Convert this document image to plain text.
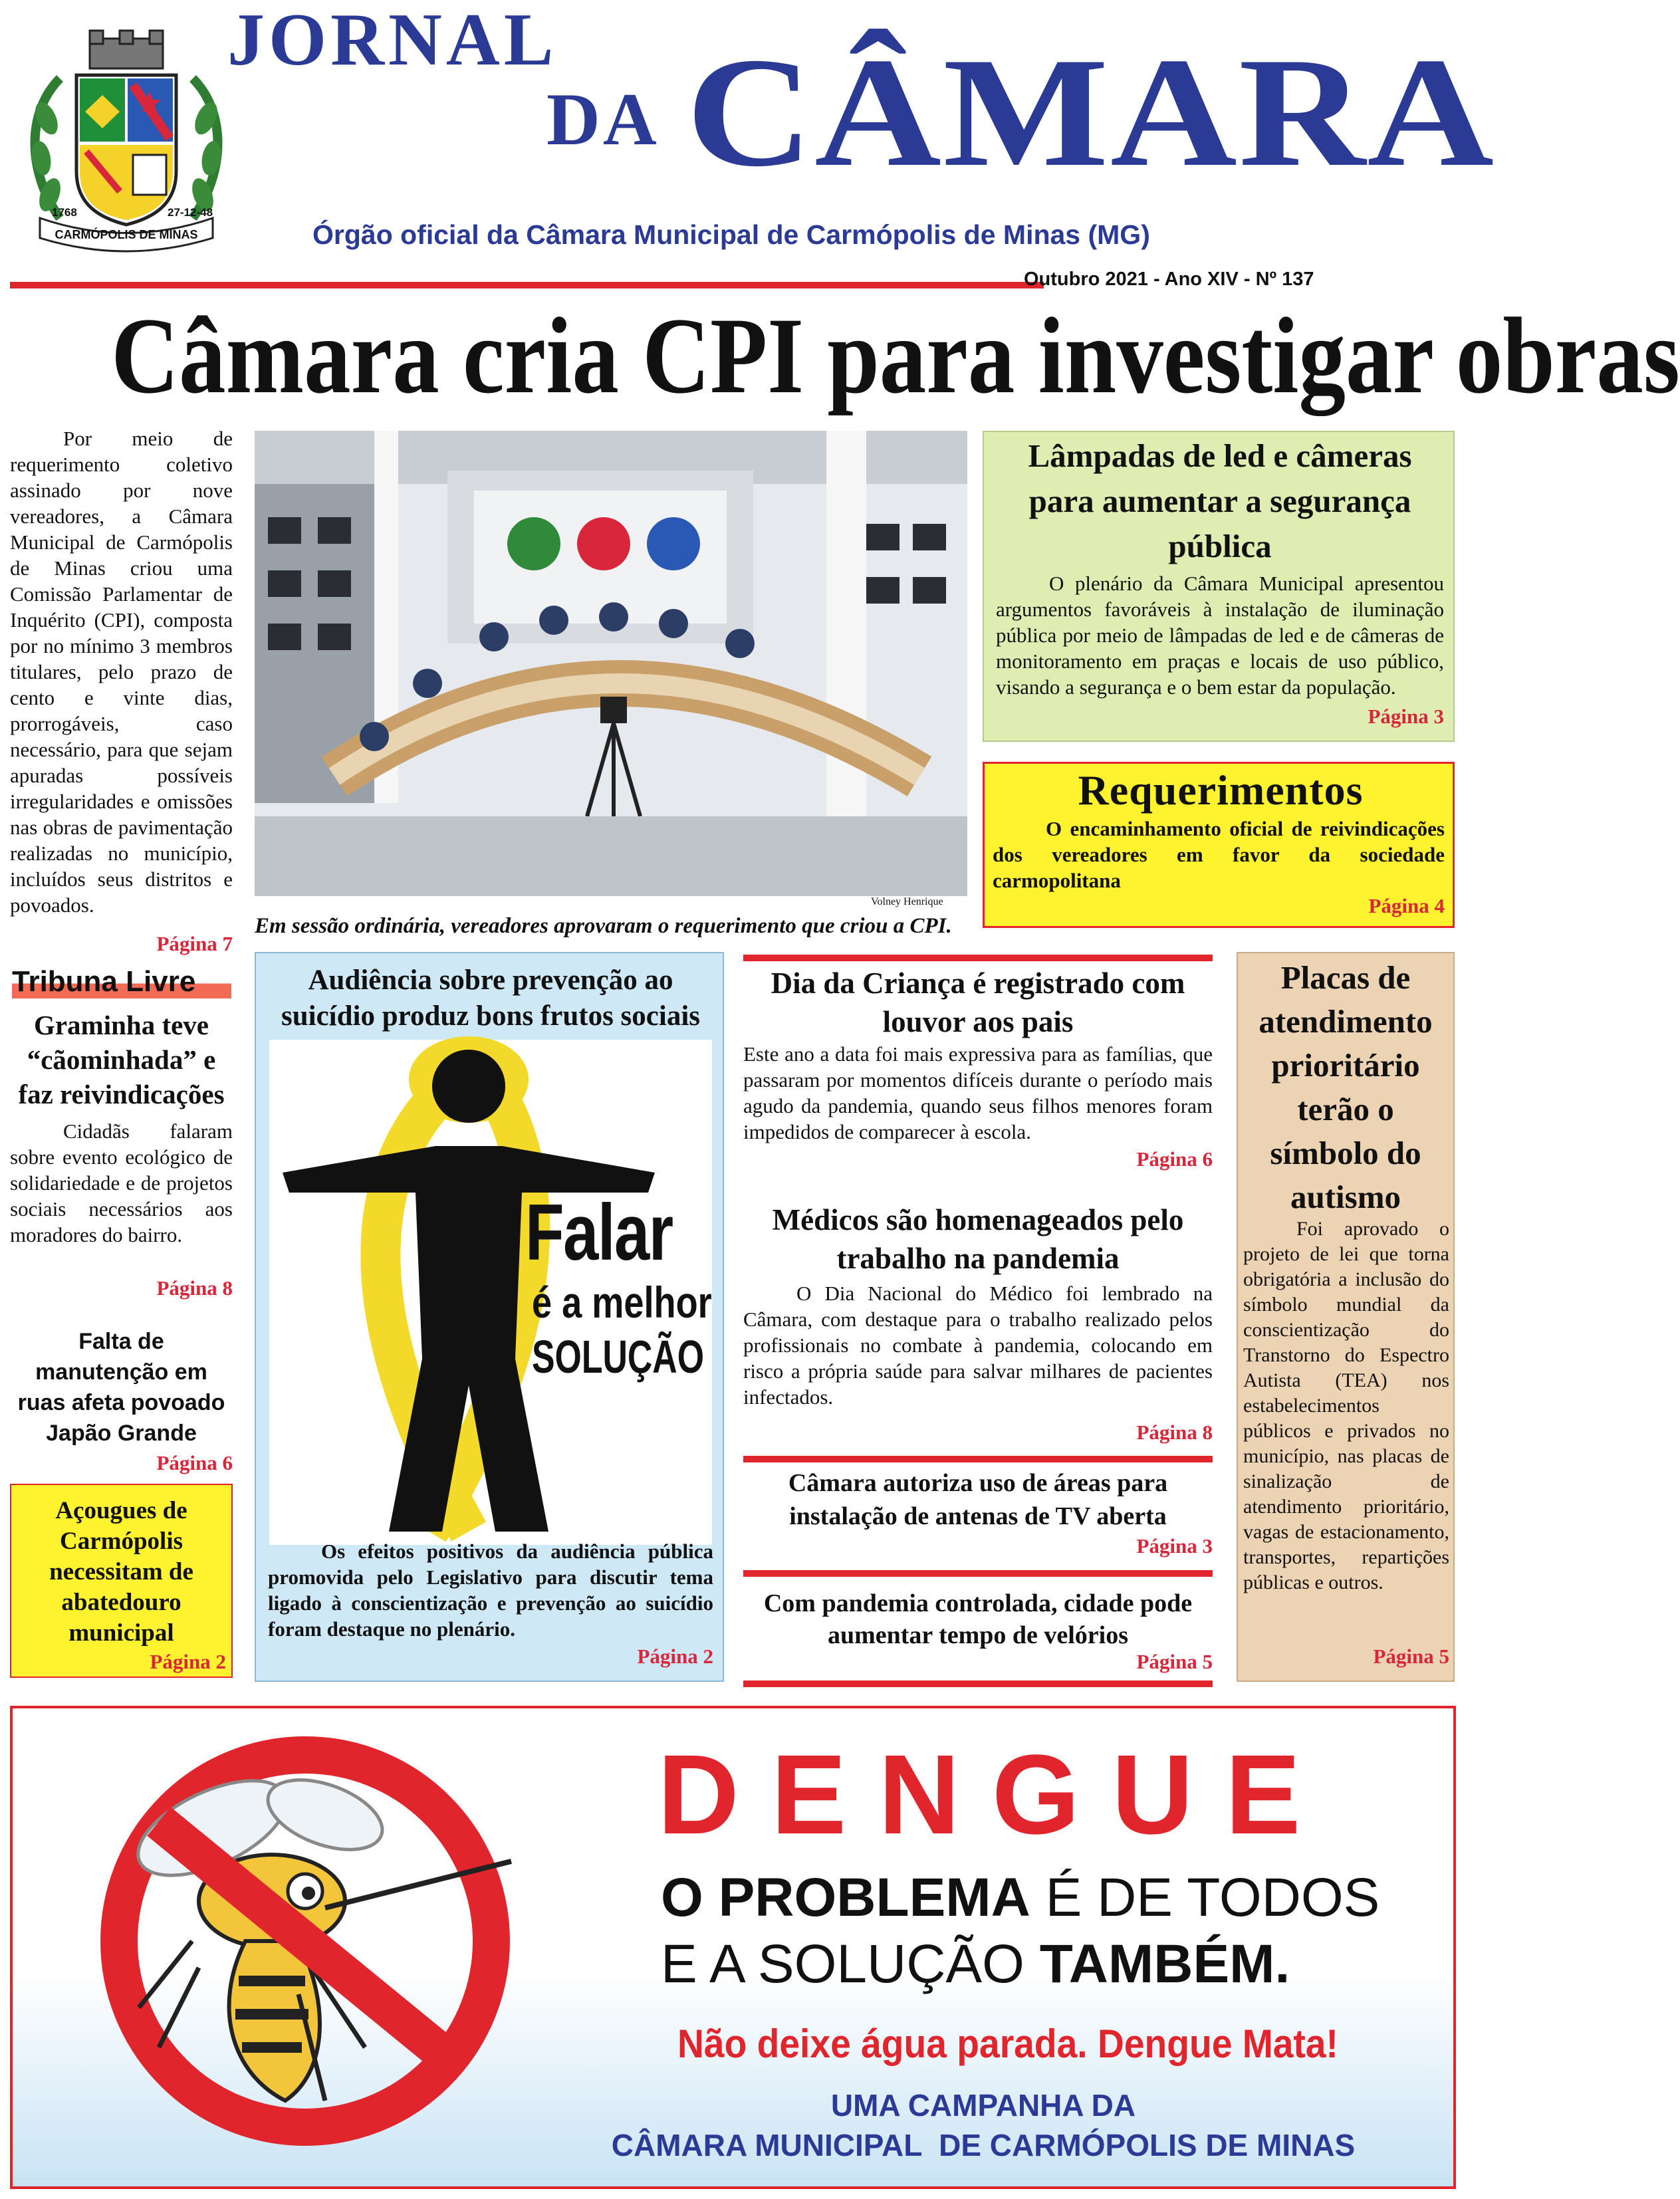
1768	27-12-48
CARMÓPOLIS DE MINAS
JORNAL
DA CÂMARA
Órgão oficial da Câmara Municipal de Carmópolis de Minas (MG)
Outubro 2021 - Ano XIV - Nº 137
Câmara cria CPI para investigar obras
Por meio de requerimento coletivo assinado por nove vereadores, a Câmara Municipal de Carmópolis de Minas criou uma Comissão Parlamentar de Inquérito (CPI), composta por no mínimo 3 membros titulares, pelo prazo de cento e vinte dias, prorrogáveis, caso necessário, para que sejam apuradas possíveis irregularidades e omissões nas obras de pavimentação realizadas no município, incluídos seus distritos e povoados.
Página 7
Volney Henrique
Em sessão ordinária, vereadores aprovaram o requerimento que criou a CPI.
Lâmpadas de led e câmeras para aumentar a segurança pública
O plenário da Câmara Municipal apresentou argumentos favoráveis à instalação de iluminação pública por meio de lâmpadas de led e de câmeras de monitoramento em praças e locais de uso público, visando a segurança e o bem estar da população.
Página 3
Requerimentos
O encaminhamento oficial de reivindicações dos vereadores em favor da sociedade carmopolitana
Página 4
Tribuna Livre
Graminha teve “cãominhada” e faz reivindicações
Cidadãs falaram sobre evento ecológico de solidariedade e de projetos sociais necessários aos moradores do bairro.
Página 8
Falta de manutenção em ruas afeta povoado Japão Grande
Página 6
Açougues de Carmópolis necessitam de abatedouro municipal
Página 2
Audiência sobre prevenção ao suicídio produz bons frutos sociais
Falar
é a melhor
SOLUÇÃO
Os efeitos positivos da audiência pública promovida pelo Legislativo para discutir tema ligado à conscientização e prevenção ao suicídio foram destaque no plenário.
Página 2
Dia da Criança é registrado com louvor aos pais
Este ano a data foi mais expressiva para as famílias, que passaram por momentos difíceis durante o período mais agudo da pandemia, quando seus filhos menores foram impedidos de comparecer à escola.
Página 6
Médicos são homenageados pelo trabalho na pandemia
O Dia Nacional do Médico foi lembrado na Câmara, com destaque para o trabalho realizado pelos profissionais no combate à pandemia, colocando em risco a própria saúde para salvar milhares de pacientes infectados.
Página 8
Câmara autoriza uso de áreas para instalação de antenas de TV aberta
Página 3
Com pandemia controlada, cidade pode aumentar tempo de velórios
Página 5
Placas de atendimento prioritário terão o símbolo do autismo
Foi aprovado o projeto de lei que torna obrigatória a inclusão do símbolo mundial da conscientização do Transtorno do Espectro Autista (TEA) nos estabelecimentos públicos e privados no município, nas placas de sinalização de atendimento prioritário, vagas de estacionamento, transportes, repartições públicas e outros.
Página 5
DENGUE
O PROBLEMA É DE TODOS
E A SOLUÇÃO TAMBÉM.
Não deixe água parada. Dengue Mata!
UMA CAMPANHA DA
CÂMARA MUNICIPAL  DE CARMÓPOLIS DE MINAS
